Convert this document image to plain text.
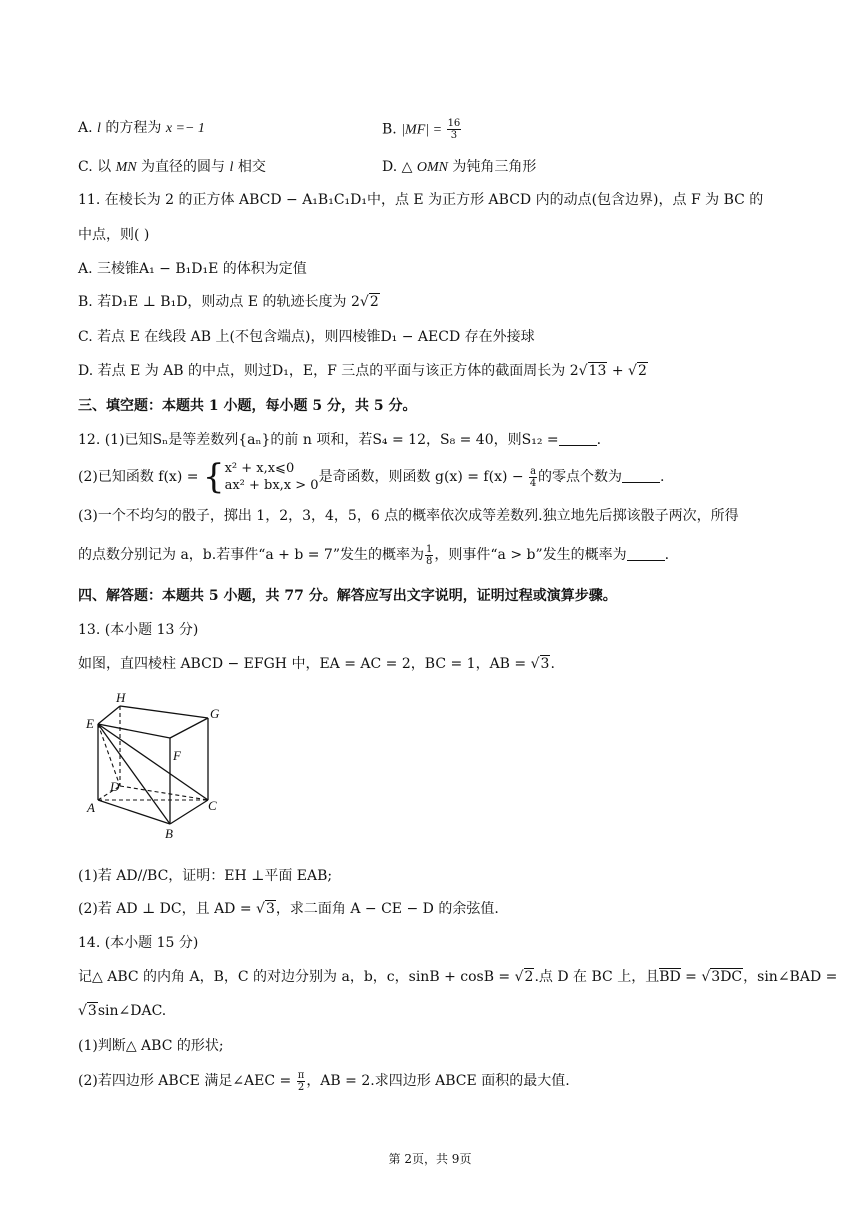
A. l 的方程为 x =− 1	B. $|MF| = \frac{16}{3}$
C. 以 MN 为直径的圆与 l 相交	D. △ OMN 为钝角三角形
11. 在棱长为 2 的正方体 ABCD − A₁B₁C₁D₁中，点 E 为正方形 ABCD 内的动点(包含边界)，点 F 为 BC 的
中点，则( )
A. 三棱锥A₁ − B₁D₁E 的体积为定值
B. 若D₁E ⊥ B₁D，则动点 E 的轨迹长度为 2√2
C. 若点 E 在线段 AB 上(不包含端点)，则四棱锥D₁ − AECD 存在外接球
D. 若点 E 为 AB 的中点，则过D₁，E，F 三点的平面与该正方体的截面周长为 2√13 + √2
三、填空题：本题共 1 小题，每小题 5 分，共 5 分。
12. (1)已知Sₙ是等差数列{aₙ}的前 n 项和，若S₄ = 12，S₈ = 40，则S₁₂ =	.
(2)已知函数 f(x) = { x² + x,x⩽0
ax² + bx,x > 0
是奇函数，则函数 $g(x) = f(x) - \frac{a}{4}$ 的零点个数为	.
(3)一个不均匀的骰子，掷出 1，2，3，4，5，6 点的概率依次成等差数列.独立地先后掷该骰子两次，所得
的点数分别记为 a，b.若事件“a + b = 7”发生的概率为 $\frac{1}{8}$ ，则事件“a > b”发生的概率为	.
四、解答题：本题共 5 小题，共 77 分。解答应写出文字说明，证明过程或演算步骤。
13. (本小题 13 分)
如图，直四棱柱 ABCD − EFGH 中，EA = AC = 2，BC = 1，AB = √3.
H
G
E
F
D
A
B
C
(1)若 AD//BC，证明：EH ⊥平面 EAB;
(2)若 AD ⊥ DC，且 AD = √3，求二面角 A − CE − D 的余弦值.
14. (本小题 15 分)
记△ ABC 的内角 A，B，C 的对边分别为 a，b，c，sinB + cosB = √2.点 D 在 BC 上，且BD = √3DC，sin∠BAD =
√3sin∠DAC.
(1)判断△ ABC 的形状;
(2)若四边形 ABCE 满足∠AEC = $\frac{\pi}{2}$ ，AB = 2.求四边形 ABCE 面积的最大值.
第 2页，共 9页
